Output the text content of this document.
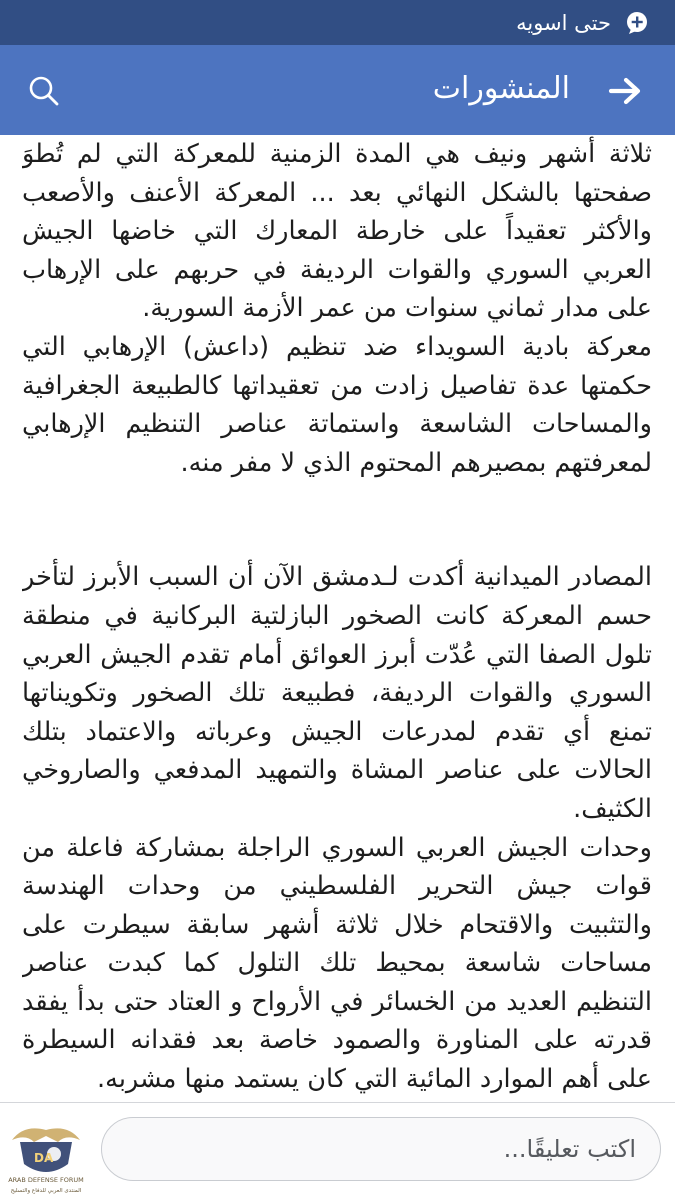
حتى اسويه
المنشورات

ثلاثة أشهر ونيف هي المدة الزمنية للمعركة التي لم تُطوَ صفحتها بالشكل النهائي بعد ... المعركة الأعنف والأصعب والأكثر تعقيداً على خارطة المعارك التي خاضها الجيش العربي السوري والقوات الرديفة في حربهم على الإرهاب على مدار ثماني سنوات من عمر الأزمة السورية.

معركة بادية السويداء ضد تنظيم (داعش) الإرهابي التي حكمتها عدة تفاصيل زادت من تعقيداتها كالطبيعة الجغرافية والمساحات الشاسعة واستماتة عناصر التنظيم الإرهابي لمعرفتهم بمصيرهم المحتوم الذي لا مفر منه.

المصادر الميدانية أكدت لـدمشق الآن أن السبب الأبرز لتأخر حسم المعركة كانت الصخور البازلتية البركانية في منطقة تلول الصفا التي عُدّت أبرز العوائق أمام تقدم الجيش العربي السوري والقوات الرديفة، فطبيعة تلك الصخور وتكويناتها تمنع أي تقدم لمدرعات الجيش وعرباته والاعتماد بتلك الحالات على عناصر المشاة والتمهيد المدفعي والصاروخي الكثيف.

وحدات الجيش العربي السوري الراجلة بمشاركة فاعلة من قوات جيش التحرير الفلسطيني من وحدات الهندسة والتثبيت والاقتحام خلال ثلاثة أشهر سابقة سيطرت على مساحات شاسعة بمحيط تلك التلول كما كبدت عناصر التنظيم العديد من الخسائر في الأرواح و العتاد حتى بدأ يفقد قدرته على المناورة والصمود خاصة بعد فقدانه السيطرة على أهم الموارد المائية التي كان يستمد منها مشربه.

اكتب تعليقًا...
DA
ARAB DEFENSE FORUM
المنتدى العربي للدفاع والتسليح
